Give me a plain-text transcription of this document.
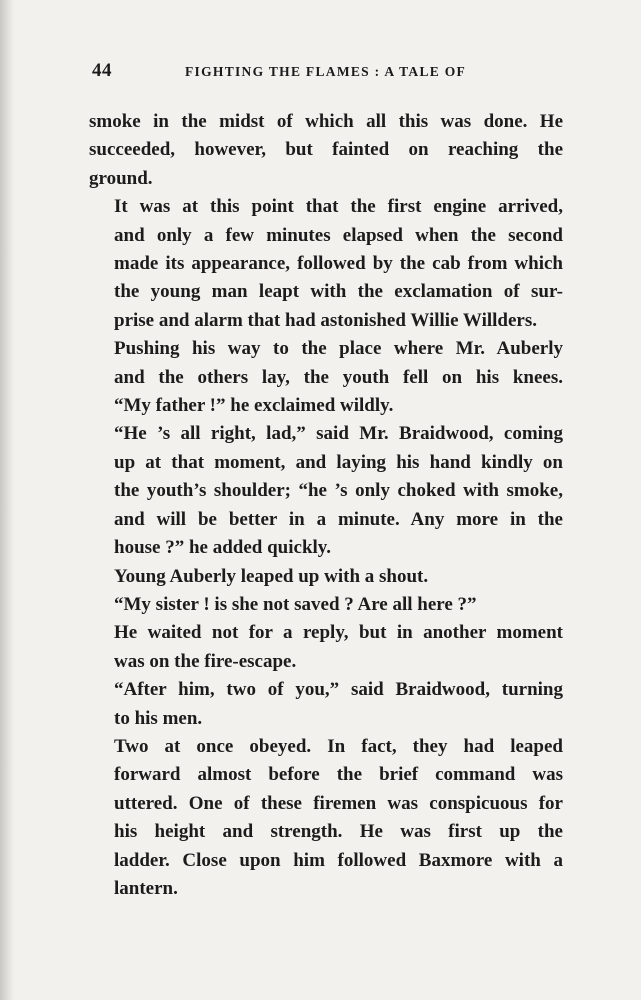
44	FIGHTING THE FLAMES : A TALE OF
smoke in the midst of which all this was done. He
succeeded, however, but fainted on reaching the
ground.
It was at this point that the first engine arrived,
and only a few minutes elapsed when the second
made its appearance, followed by the cab from which
the young man leapt with the exclamation of sur-
prise and alarm that had astonished Willie Willders.
Pushing his way to the place where Mr. Auberly
and the others lay, the youth fell on his knees.
“My father !” he exclaimed wildly.
“He ’s all right, lad,” said Mr. Braidwood, coming
up at that moment, and laying his hand kindly on
the youth’s shoulder; “he ’s only choked with smoke,
and will be better in a minute. Any more in the
house ?” he added quickly.
Young Auberly leaped up with a shout.
“My sister ! is she not saved ? Are all here ?”
He waited not for a reply, but in another moment
was on the fire-escape.
“After him, two of you,” said Braidwood, turning
to his men.
Two at once obeyed. In fact, they had leaped
forward almost before the brief command was
uttered. One of these firemen was conspicuous for
his height and strength. He was first up the
ladder. Close upon him followed Baxmore with a
lantern.
